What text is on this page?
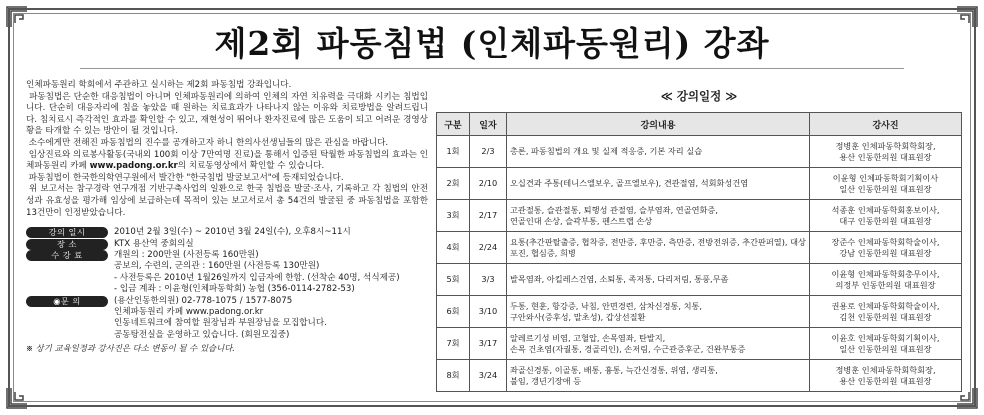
제2회 파동침법 (인체파동원리) 강좌

인체파동원리 학회에서 주관하고 실시하는 제2회 파동침법 강좌입니다.

파동침법은 단순한 대응침법이 아니며 인체파동원리에 의하여 인체의 자연 치유력을 극대화 시키는 침법입니다. 단순히 대응자리에 침을 놓았을 때 원하는 치료효과가 나타나지 않는 이유와 치료방법을 알려드립니다. 침치료시 즉각적인 효과를 확인할 수 있고, 재현성이 뛰어나 환자진료에 많은 도움이 되고 어려운 경영상황을 타개할 수 있는 방안이 될 것입니다.

소수에게만 전해진 파동침법의 진수를 공개하고자 하니 한의사선생님들의 많은 관심을 바랍니다.

임상진료와 의료봉사활동(국내외 100회 이상 7만여명 진료)을 통해서 입증된 탁월한 파동침법의 효과는 인체파동원리 카페 www.padong.or.kr의 치료동영상에서 확인할 수 있습니다.

파동침법이 한국한의학연구원에서 발간한 "한국침법 발굴보고서"에 등재되었습니다.

위 보고서는 참구경락 연구개점 기반구축사업의 일환으로 한국 침법을 발굴·조사, 기록하고 각 침법의 안전성과 유효성을 평가해 임상에 보급하는데 목적이 있는 보고서로서 총 54건의 발굴된 중 파동침법을 포함한 13건만이 인정받았습니다.

강의 일시	2010년 2월 3일(수) ~ 2010년 3월 24일(수), 오후8시~11시
장 소	KTX 용산역 중회의실
수 강 료	개원의 : 200만원 (사전등록 160만원)
공보의, 수련의, 군의관 : 160만원 (사전등록 130만원)
- 사전등록은 2010년 1월26일까지 입금자에 한함. (선착순 40명, 석식제공)
- 입금 계좌 : 이윤형(인체파동학회) 농협 (356-0114-2782-53)
◉문 의	(용산인동한의원) 02-778-1075 / 1577-8075
인체파동원리 카페 www.padong.or.kr
인동네트워크에 참여할 원장님과 부원장님을 모집합니다.
공동탕전실을 운영하고 있습니다. (회원모집중)
※ 상기 교육일정과 강사진은 다소 변동이 될 수 있습니다.
≪ 강의일정 ≫
구분	일자	강의내용	강사진
1회	2/3	총론, 파동침법의 개요 및 실제 적응증, 기본 자리 실습	정병훈 인체파동학회학회장,
용산 인동한의원 대표원장
2회	2/10	오십견과 주통(테니스엘보우, 골프엘보우), 견관절염, 석회화성건염	이윤형 인체파동학회기획이사
일산 인동한의원 대표원장
3회	2/17	고관절통, 슬관절통, 퇴행성 관절염, 슬부염좌, 연골연화증,
연골인대 손상, 슬곽부통, 펜스트랩 손상	석종훈 인체파동학회홍보이사,
대구 인동한의원 대표원장
4회	2/24	요통(추간판탈출증, 협착증, 전만증, 후만증, 측만증, 전방전위증, 추간판퍼열), 대상포진, 협심증, 희병	장준수 인체파동학회학술이사,
강남 인동한의원 대표원장
5회	3/3	발목염좌, 아킬레스건염, 소퇴통, 족저통, 다리저림, 통풍,무좀	이윤형 인체파동학회총무이사,
의정부 인동한의원 대표원장
6회	3/10	두통, 현훈, 항강증, 낙침, 안면경련, 삼차신경통, 치통,
구안와사(증후성, 말초성), 갑상선질환	권용로 인체파동학회학술이사,
김천 인동한의원 대표원장
7회	3/17	알레르기성 비염, 고혈압, 손목염좌, 탄발지,
손목 건초염(자궐통, 경골리인), 손저림, 수근관증후군, 건완부통증	이윤호 인체파동학회기획이사,
일산 인동한의원 대표원장
8회	3/24	좌골신경통, 이골통, 배통, 흉통, 늑간신경통, 위염, 생리통,
불임, 갱년기장애 등	정병훈 인체파동학회학회장,
용산 인동한의원 대표원장
